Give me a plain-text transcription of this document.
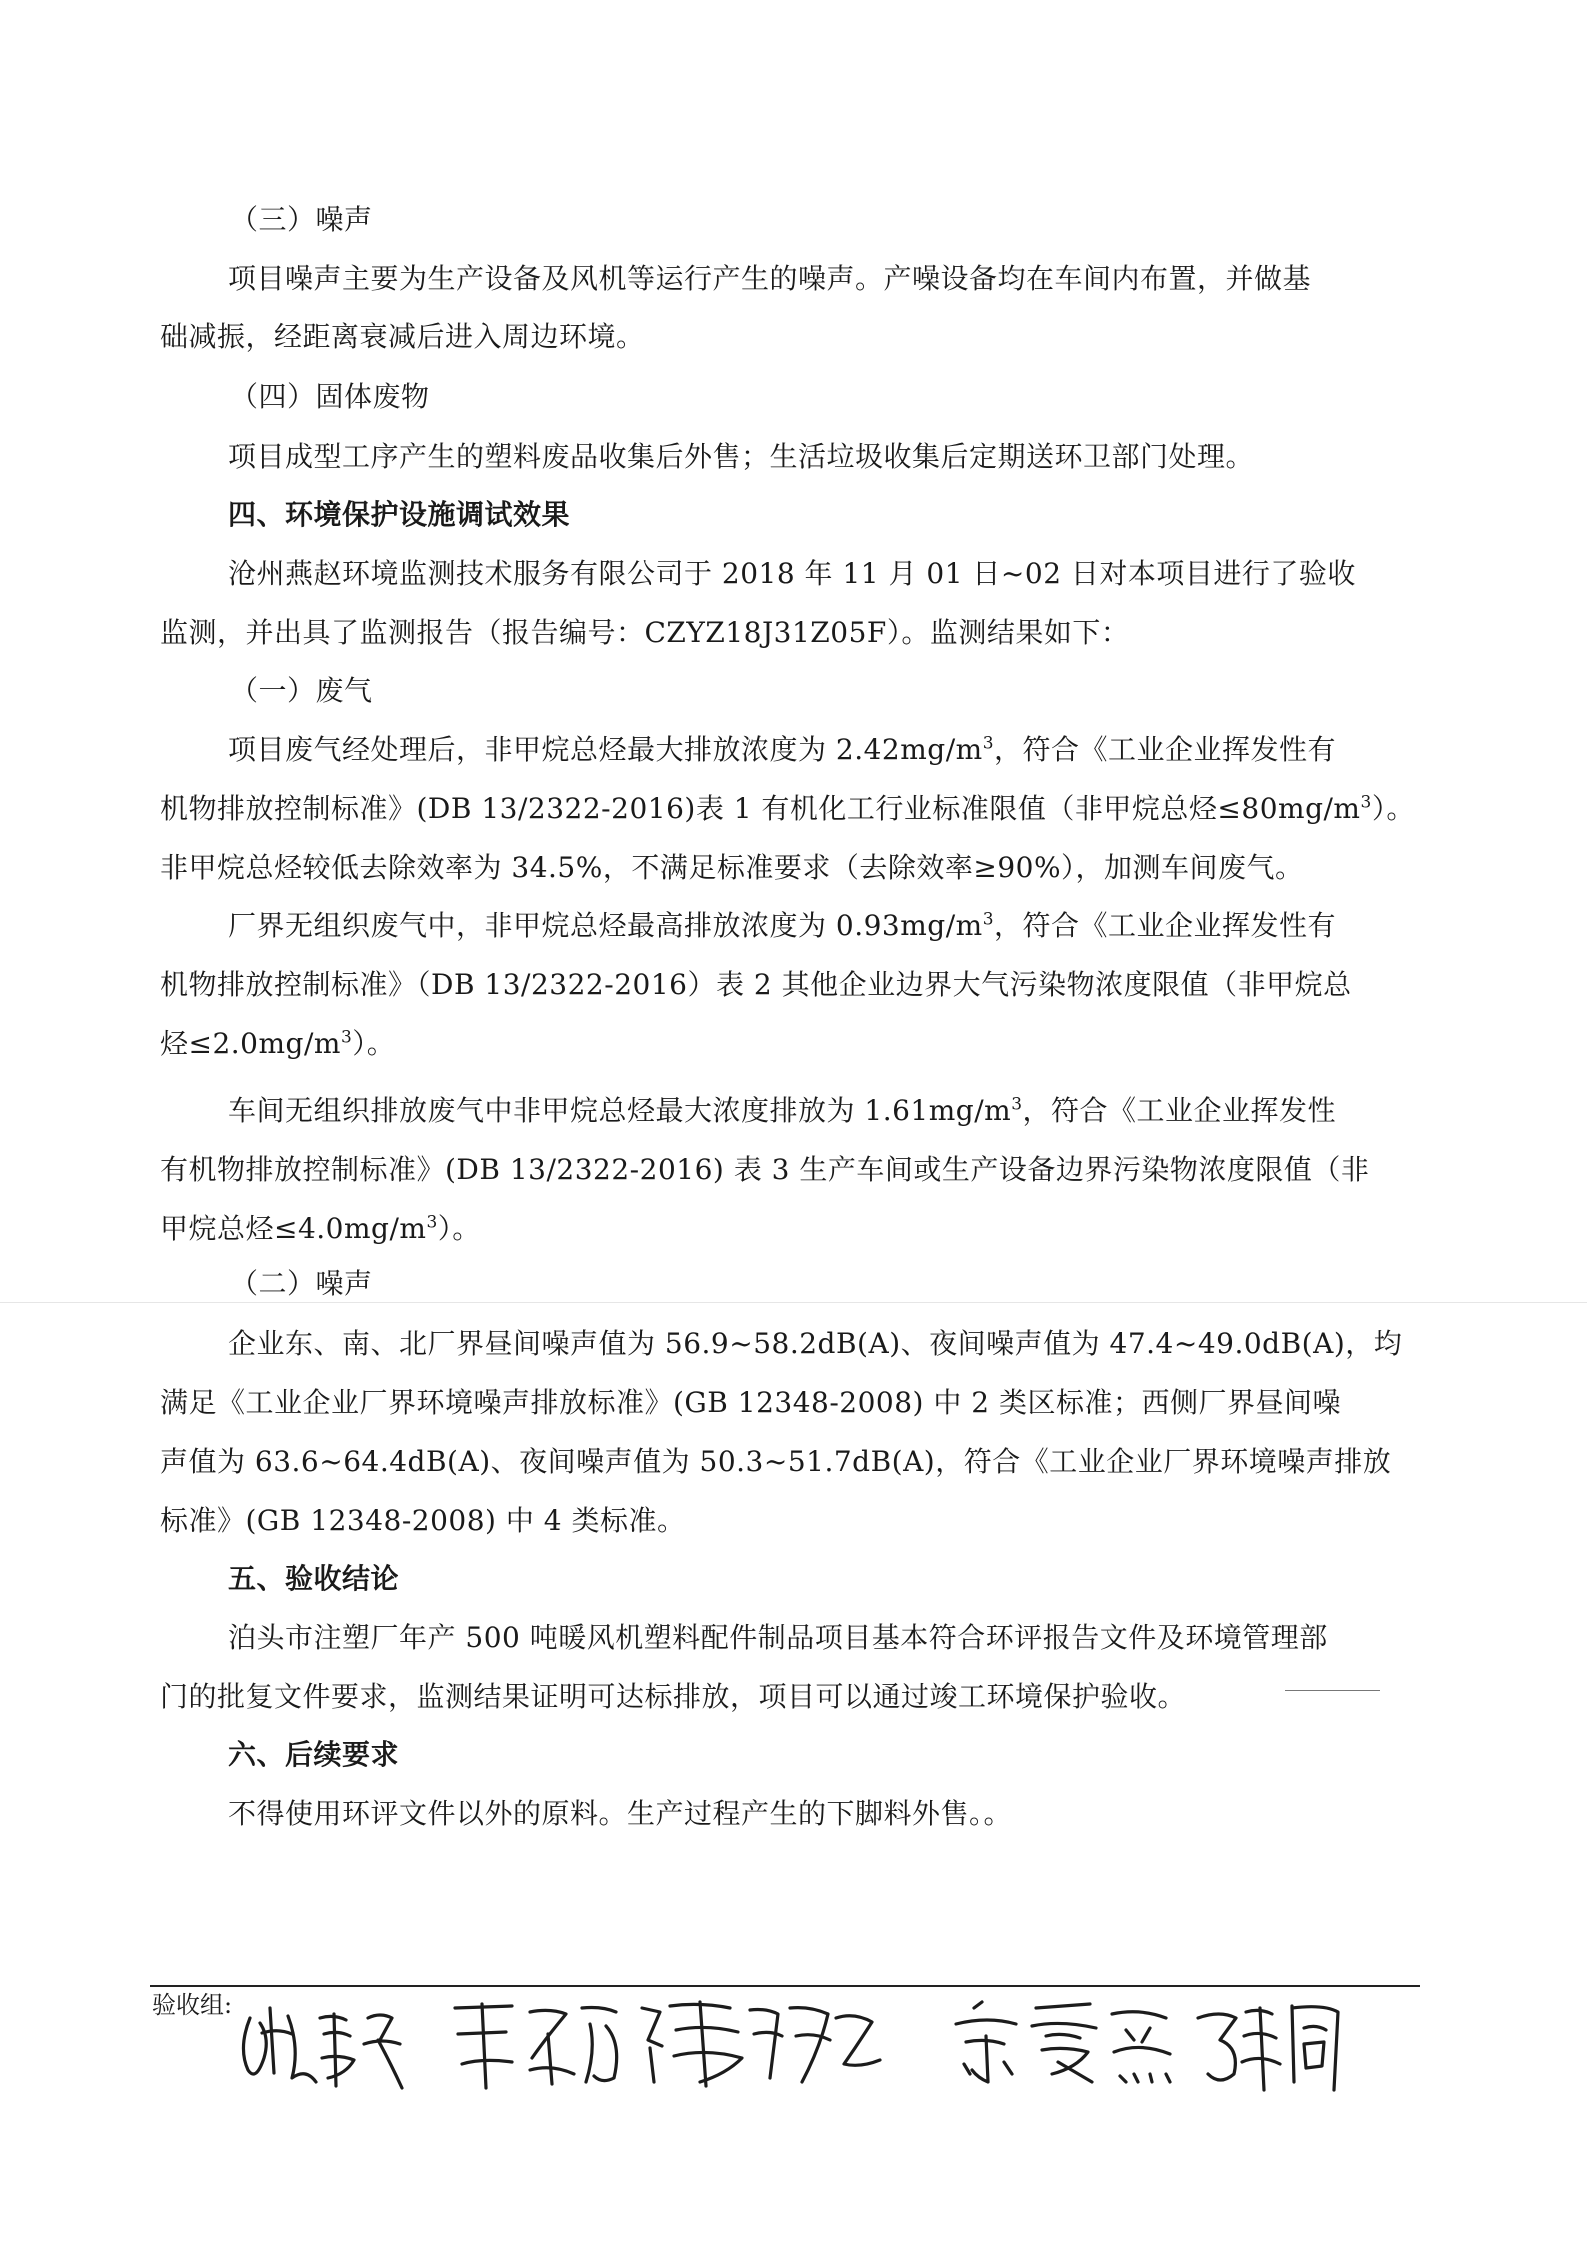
（三）噪声
项目噪声主要为生产设备及风机等运行产生的噪声。产噪设备均在车间内布置，并做基
础减振，经距离衰减后进入周边环境。
（四）固体废物
项目成型工序产生的塑料废品收集后外售；生活垃圾收集后定期送环卫部门处理。
四、环境保护设施调试效果
沧州燕赵环境监测技术服务有限公司于 2018 年 11 月 01 日~02 日对本项目进行了验收
监测，并出具了监测报告（报告编号：CZYZ18J31Z05F）。监测结果如下：
（一）废气
项目废气经处理后，非甲烷总烃最大排放浓度为 $2.42mg/m^3$，符合《工业企业挥发性有
机物排放控制标准》(DB 13/2322-2016)表 1 有机化工行业标准限值（非甲烷总烃$\le 80mg/m^3$）。
非甲烷总烃较低去除效率为 34.5%，不满足标准要求（去除效率≥90%），加测车间废气。
厂界无组织废气中，非甲烷总烃最高排放浓度为 $0.93mg/m^3$，符合《工业企业挥发性有
机物排放控制标准》（DB 13/2322-2016）表 2 其他企业边界大气污染物浓度限值（非甲烷总
烃$\le 2.0mg/m^3$）。
车间无组织排放废气中非甲烷总烃最大浓度排放为 $1.61mg/m^3$，符合《工业企业挥发性
有机物排放控制标准》(DB 13/2322-2016) 表 3 生产车间或生产设备边界污染物浓度限值（非
甲烷总烃$\le 4.0mg/m^3$）。
（二）噪声
企业东、南、北厂界昼间噪声值为 56.9~58.2dB(A)、夜间噪声值为 47.4~49.0dB(A)，均
满足《工业企业厂界环境噪声排放标准》(GB 12348-2008) 中 2 类区标准；西侧厂界昼间噪
声值为 63.6~64.4dB(A)、夜间噪声值为 50.3~51.7dB(A)，符合《工业企业厂界环境噪声排放
标准》(GB 12348-2008) 中 4 类标准。
五、验收结论
泊头市注塑厂年产 500 吨暖风机塑料配件制品项目基本符合环评报告文件及环境管理部
门的批复文件要求，监测结果证明可达标排放，项目可以通过竣工环境保护验收。
六、后续要求
不得使用环评文件以外的原料。生产过程产生的下脚料外售。。
验收组:
